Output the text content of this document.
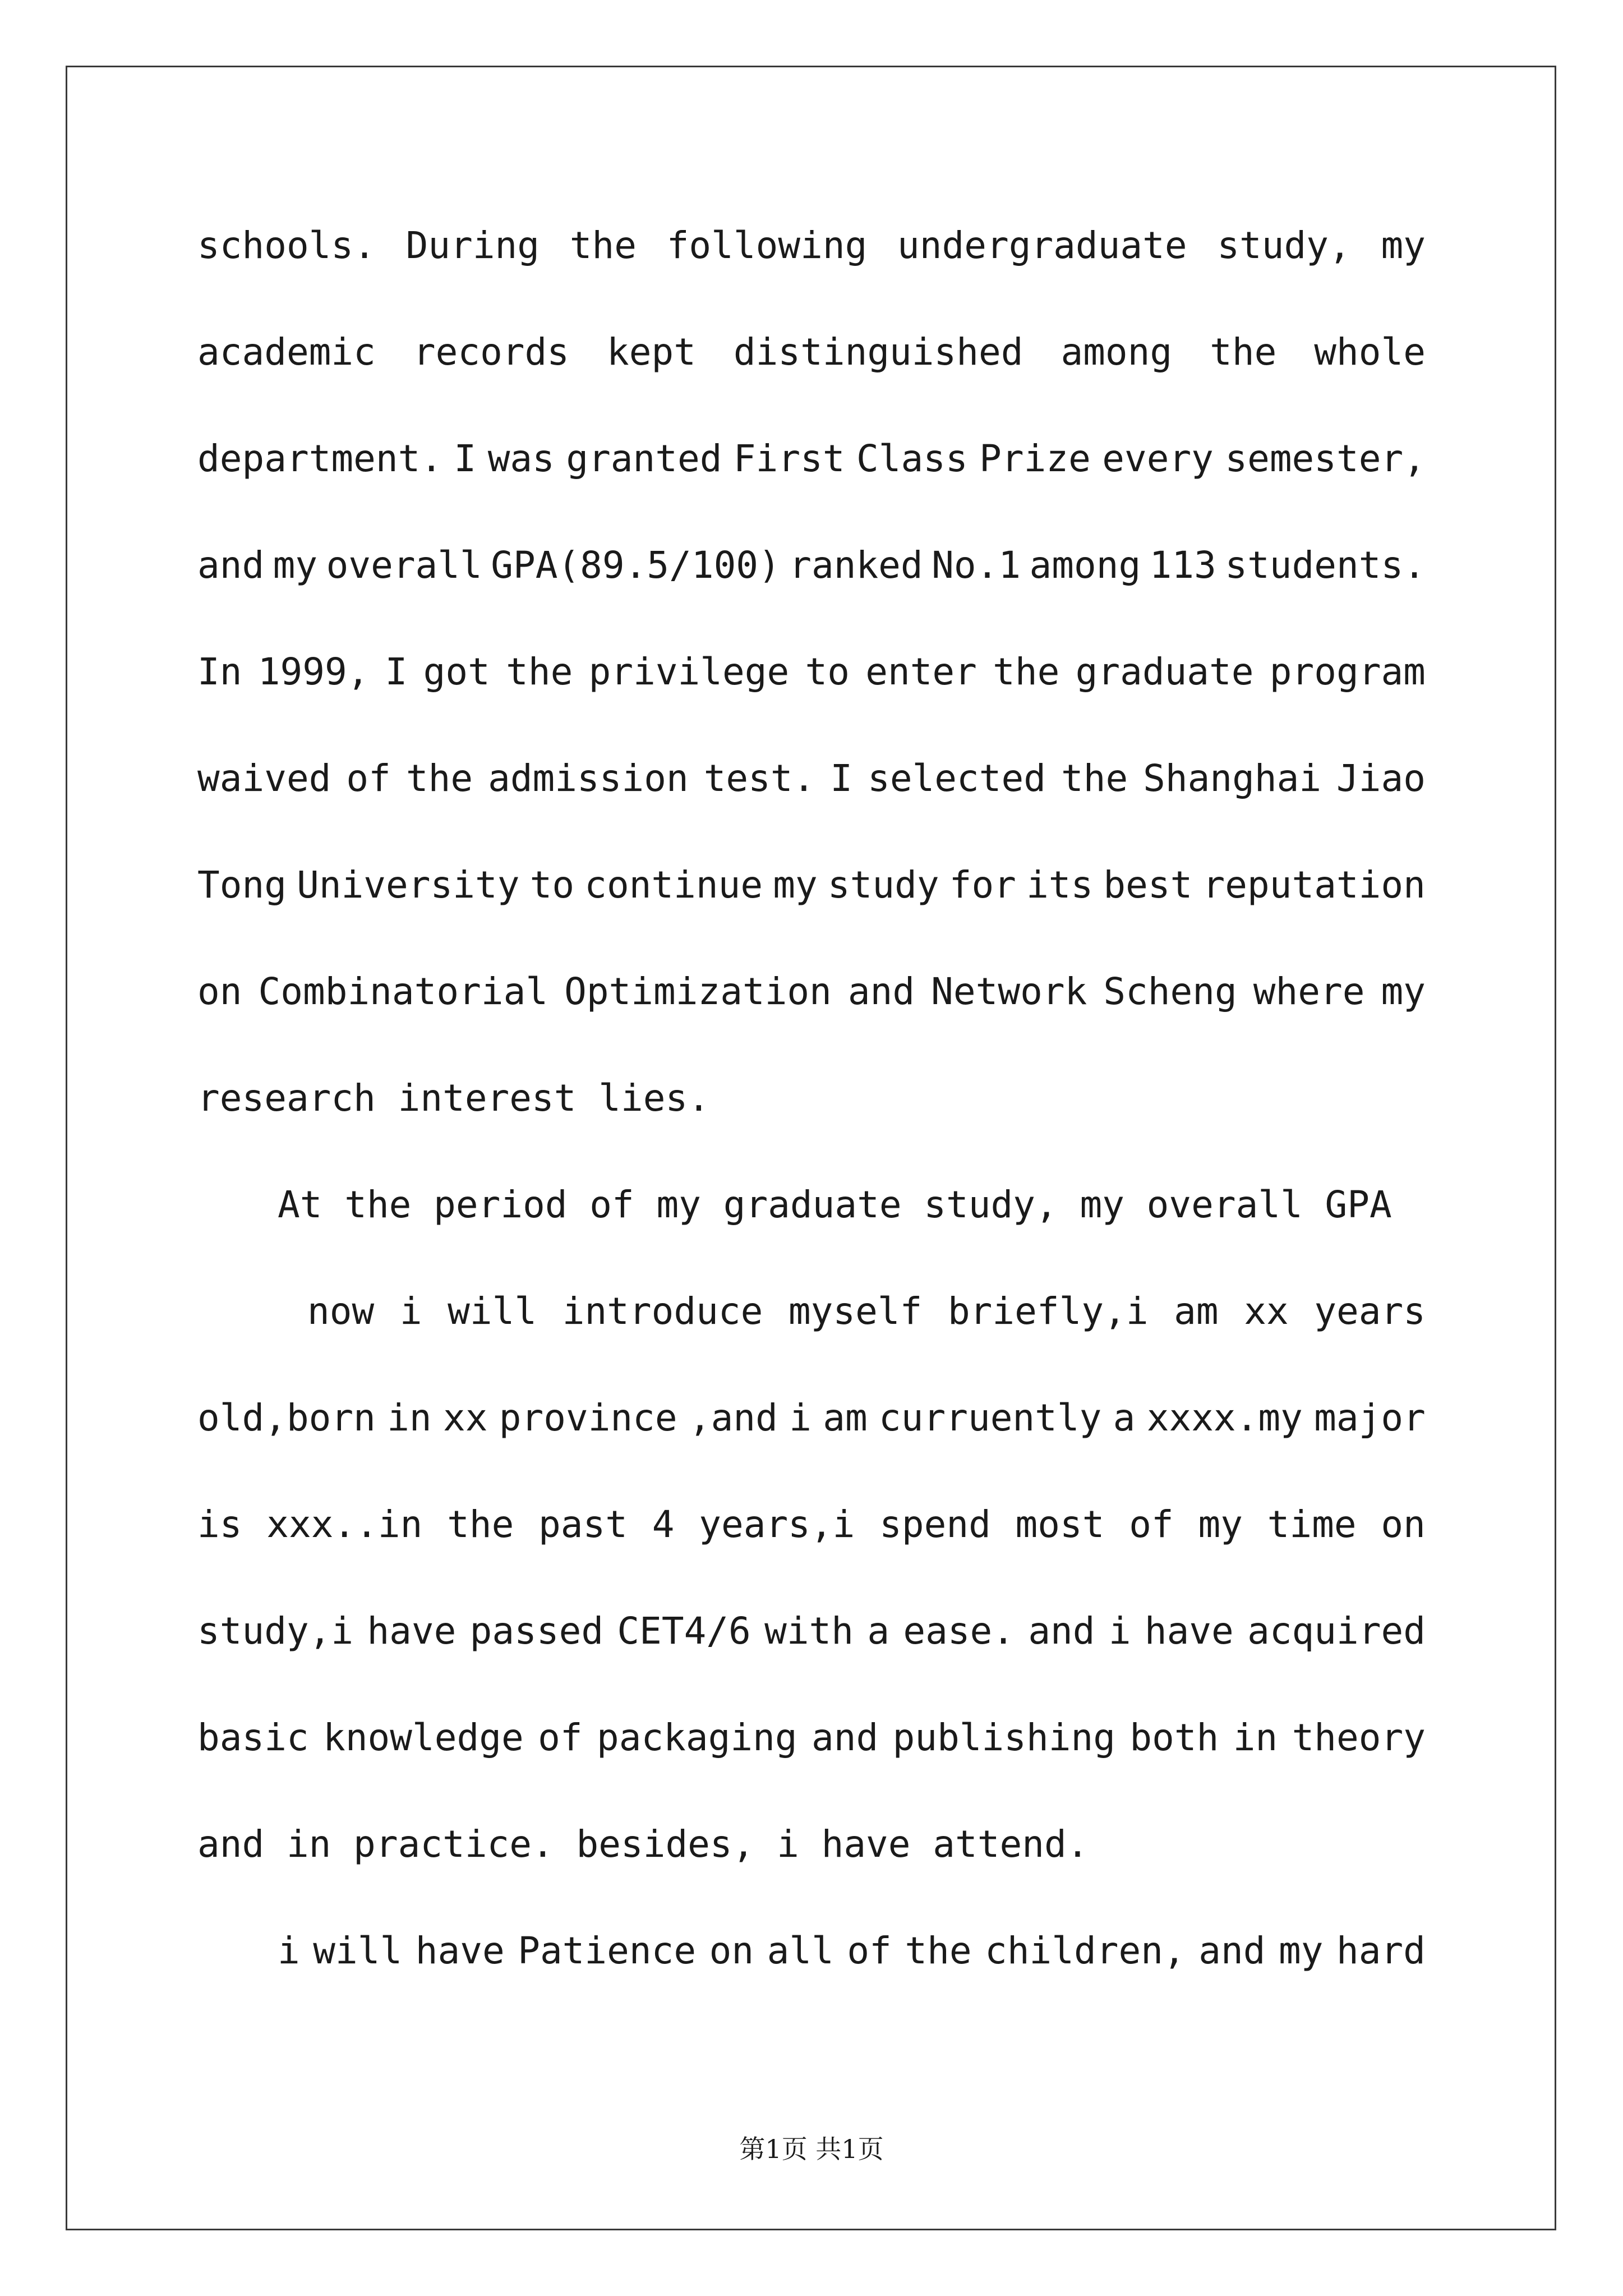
schools. During the following undergraduate study, my
academic records kept distinguished among the whole
department. I was granted First Class Prize every semester,
and my overall GPA(89.5/100) ranked No.1 among 113 students.
In 1999, I got the privilege to enter the graduate program
waived of the admission test. I selected the Shanghai Jiao
Tong University to continue my study for its best reputation
on Combinatorial Optimization and Network Scheng where my
research interest lies.
At the period of my graduate study, my overall GPA
now i will introduce myself briefly,i am xx years
old,born in xx province ,and i am curruently a xxxx.my major
is xxx..in the past 4 years,i spend most of my time on
study,i have passed CET4/6 with a ease. and i have acquired
basic knowledge of packaging and publishing both in theory
and in practice. besides, i have attend.
i will have Patience on all of the children, and my hard
第1页 共1页
